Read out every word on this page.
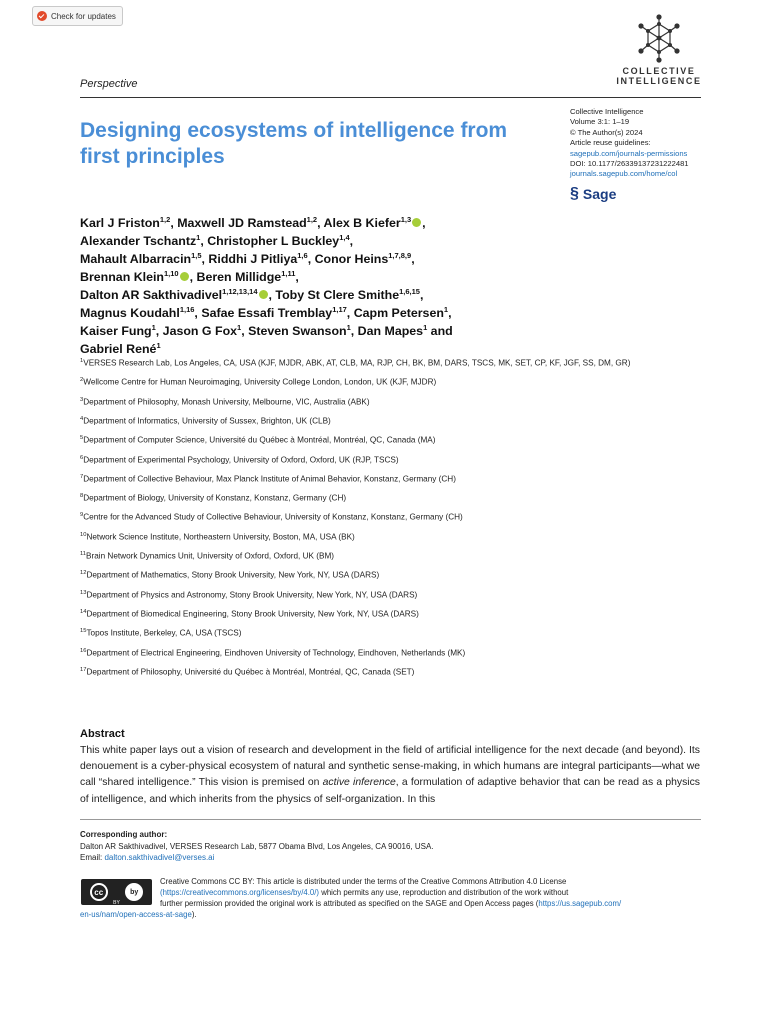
Check for updates
COLLECTIVE
INTELLIGENCE
Perspective
Designing ecosystems of intelligence from first principles
Collective Intelligence
Volume 3:1: 1–19
© The Author(s) 2024
Article reuse guidelines:
sagepub.com/journals-permissions
DOI: 10.1177/26339137231222481
journals.sagepub.com/home/col
§ Sage
Karl J Friston$^{1,2}$, Maxwell JD Ramstead$^{1,2}$, Alex B Kiefer$^{1,3}$ ,
Alexander Tschantz$^1$, Christopher L Buckley$^{1,4}$,
Mahault Albarracin$^{1,5}$, Riddhi J Pitliya$^{1,6}$, Conor Heins$^{1,7,8,9}$,
Brennan Klein$^{1,10}$ , Beren Millidge$^{1,11}$,
Dalton AR Sakthivadivel$^{1,12,13,14}$ , Toby St Clere Smithe$^{1,6,15}$,
Magnus Koudahl$^{1,16}$, Safae Essafi Tremblay$^{1,17}$, Capm Petersen$^1$,
Kaiser Fung$^1$, Jason G Fox$^1$, Steven Swanson$^1$, Dan Mapes$^1$ and
Gabriel René$^1$
$^1$VERSES Research Lab, Los Angeles, CA, USA (KJF, MJDR, ABK, AT, CLB, MA, RJP, CH, BK, BM, DARS, TSCS, MK, SET, CP, KF, JGF, SS, DM, GR)
$^2$Wellcome Centre for Human Neuroimaging, University College London, London, UK (KJF, MJDR)
$^3$Department of Philosophy, Monash University, Melbourne, VIC, Australia (ABK)
$^4$Department of Informatics, University of Sussex, Brighton, UK (CLB)
$^5$Department of Computer Science, Université du Québec à Montréal, Montréal, QC, Canada (MA)
$^6$Department of Experimental Psychology, University of Oxford, Oxford, UK (RJP, TSCS)
$^7$Department of Collective Behaviour, Max Planck Institute of Animal Behavior, Konstanz, Germany (CH)
$^8$Department of Biology, University of Konstanz, Konstanz, Germany (CH)
$^9$Centre for the Advanced Study of Collective Behaviour, University of Konstanz, Konstanz, Germany (CH)
$^{10}$Network Science Institute, Northeastern University, Boston, MA, USA (BK)
$^{11}$Brain Network Dynamics Unit, University of Oxford, Oxford, UK (BM)
$^{12}$Department of Mathematics, Stony Brook University, New York, NY, USA (DARS)
$^{13}$Department of Physics and Astronomy, Stony Brook University, New York, NY, USA (DARS)
$^{14}$Department of Biomedical Engineering, Stony Brook University, New York, NY, USA (DARS)
$^{15}$Topos Institute, Berkeley, CA, USA (TSCS)
$^{16}$Department of Electrical Engineering, Eindhoven University of Technology, Eindhoven, Netherlands (MK)
$^{17}$Department of Philosophy, Université du Québec à Montréal, Montréal, QC, Canada (SET)
Abstract
This white paper lays out a vision of research and development in the field of artificial intelligence for the next decade (and beyond). Its denouement is a cyber-physical ecosystem of natural and synthetic sense-making, in which humans are integral participants—what we call “shared intelligence.” This vision is premised on active inference, a formulation of adaptive behavior that can be read as a physics of intelligence, and which inherits from the physics of self-organization. In this
Corresponding author:
Dalton AR Sakthivadivel, VERSES Research Lab, 5877 Obama Blvd, Los Angeles, CA 90016, USA.
Email: dalton.sakthivadivel@verses.ai
cc	by
BY
Creative Commons CC BY: This article is distributed under the terms of the Creative Commons Attribution 4.0 License
(https://creativecommons.org/licenses/by/4.0/) which permits any use, reproduction and distribution of the work without
further permission provided the original work is attributed as specified on the SAGE and Open Access pages (https://us.sagepub.com/
en-us/nam/open-access-at-sage).
